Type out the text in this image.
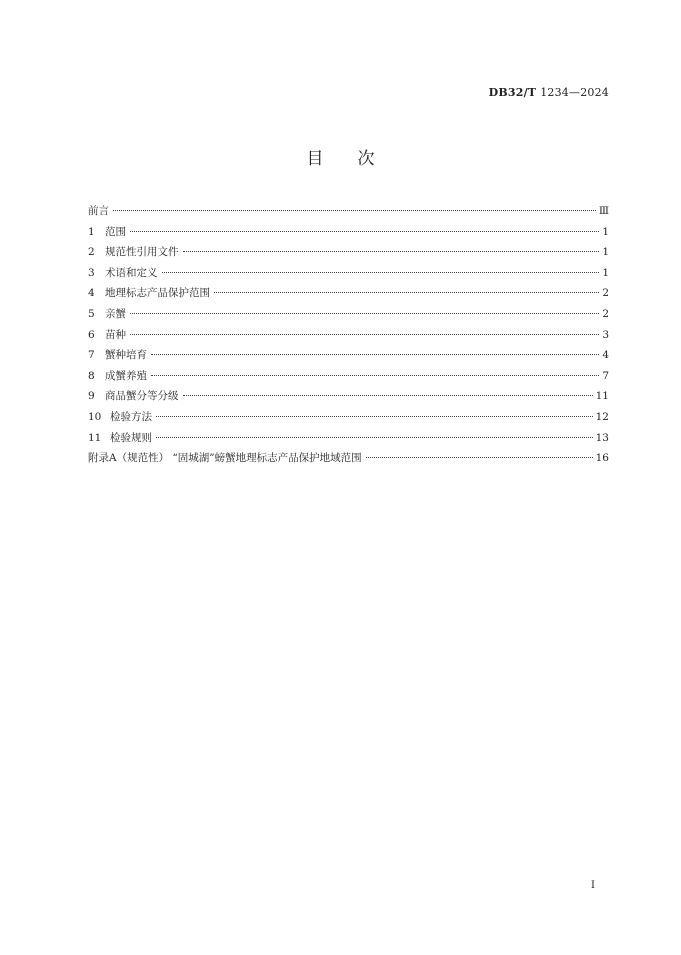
DB32/T 1234—2024
目次
前言	Ⅲ
1 范围	1
2 规范性引用文件	1
3 术语和定义	1
4 地理标志产品保护范围	2
5 亲蟹	2
6 苗种	3
7 蟹种培育	4
8 成蟹养殖	7
9 商品蟹分等分级	11
10 检验方法	12
11 检验规则	13
附录A（规范性） “固城湖”螃蟹地理标志产品保护地域范围	16
I
